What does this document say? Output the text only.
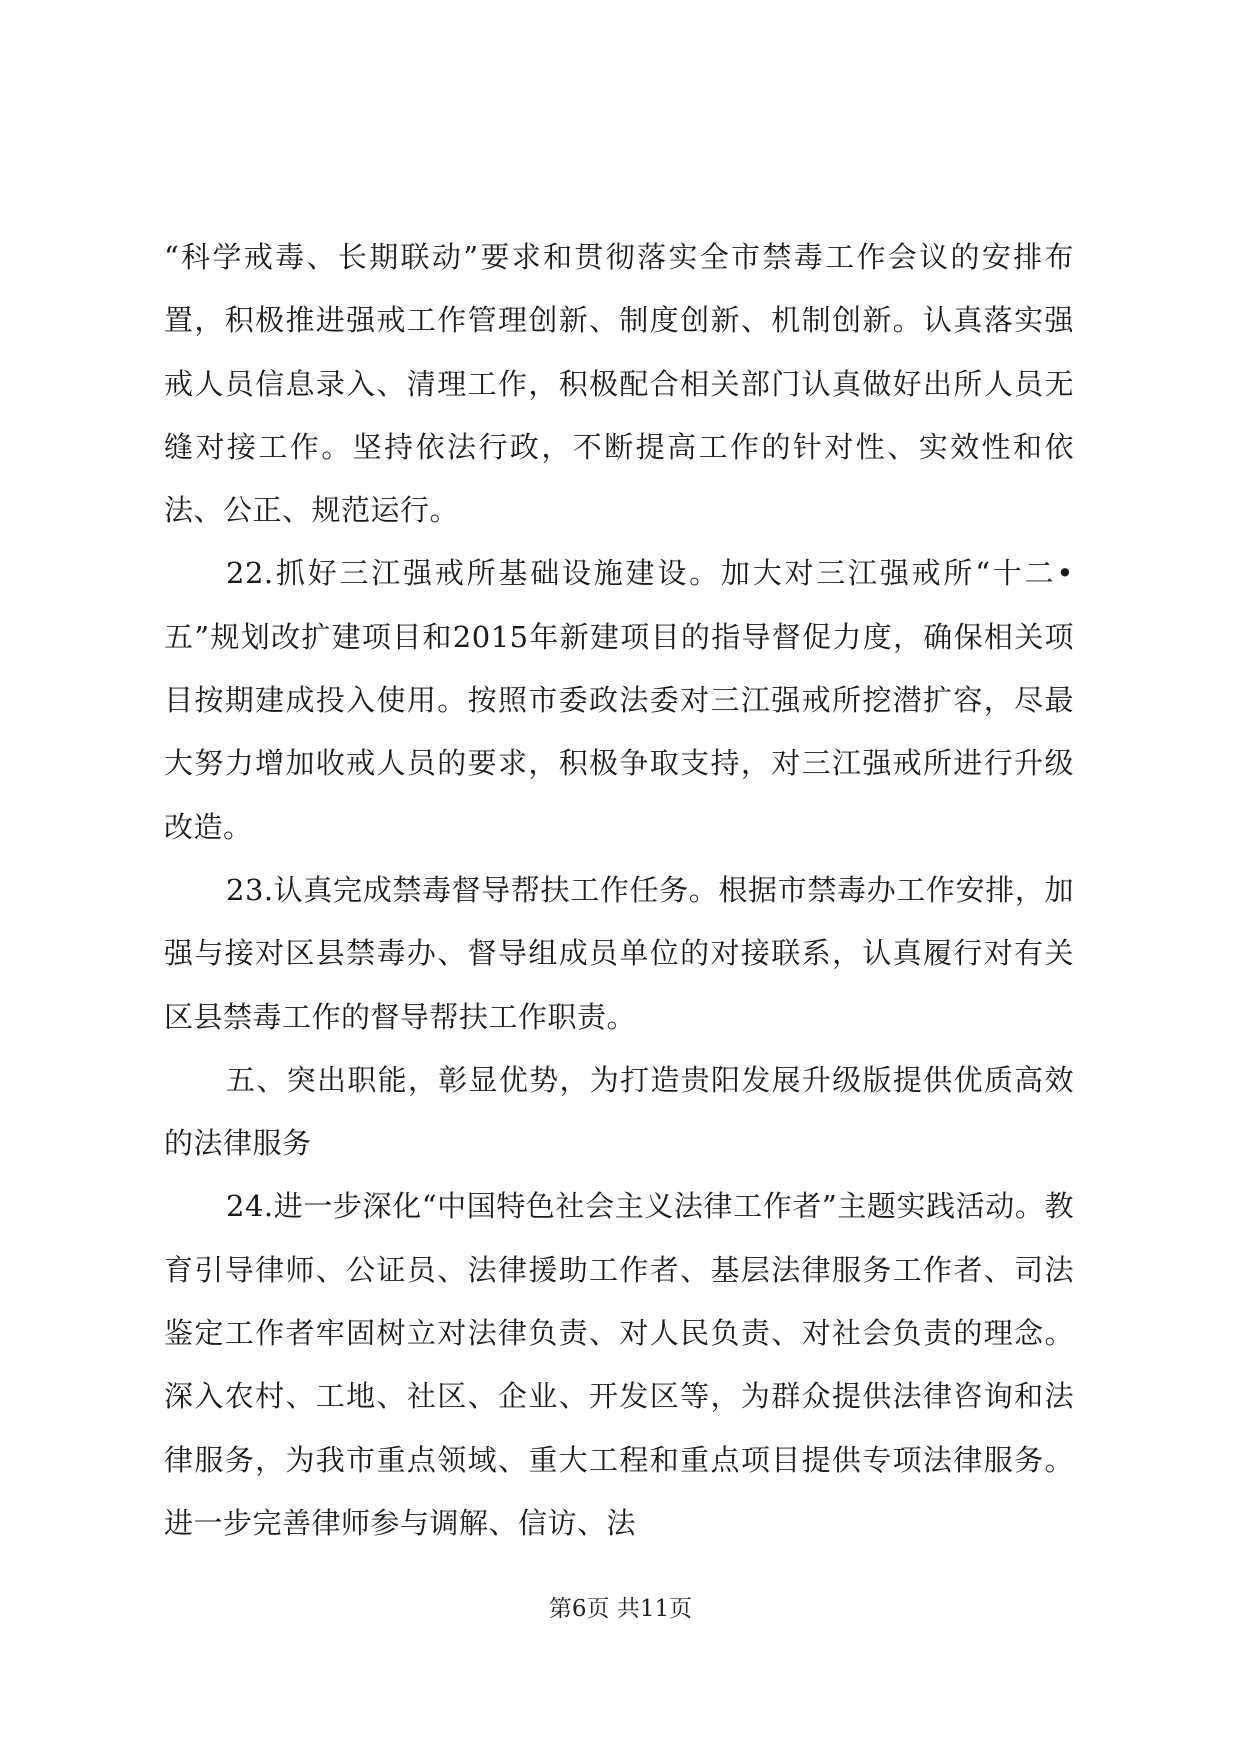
“科学戒毒、长期联动”要求和贯彻落实全市禁毒工作会议的安排布置，积极推进强戒工作管理创新、制度创新、机制创新。认真落实强戒人员信息录入、清理工作，积极配合相关部门认真做好出所人员无缝对接工作。坚持依法行政，不断提高工作的针对性、实效性和依法、公正、规范运行。

22.抓好三江强戒所基础设施建设。加大对三江强戒所“十二•五”规划改扩建项目和2015年新建项目的指导督促力度，确保相关项目按期建成投入使用。按照市委政法委对三江强戒所挖潜扩容，尽最大努力增加收戒人员的要求，积极争取支持，对三江强戒所进行升级改造。

23.认真完成禁毒督导帮扶工作任务。根据市禁毒办工作安排，加强与接对区县禁毒办、督导组成员单位的对接联系，认真履行对有关区县禁毒工作的督导帮扶工作职责。

五、突出职能，彰显优势，为打造贵阳发展升级版提供优质高效的法律服务

24.进一步深化“中国特色社会主义法律工作者”主题实践活动。教育引导律师、公证员、法律援助工作者、基层法律服务工作者、司法鉴定工作者牢固树立对法律负责、对人民负责、对社会负责的理念。深入农村、工地、社区、企业、开发区等，为群众提供法律咨询和法律服务，为我市重点领域、重大工程和重点项目提供专项法律服务。进一步完善律师参与调解、信访、法

第6页 共11页
